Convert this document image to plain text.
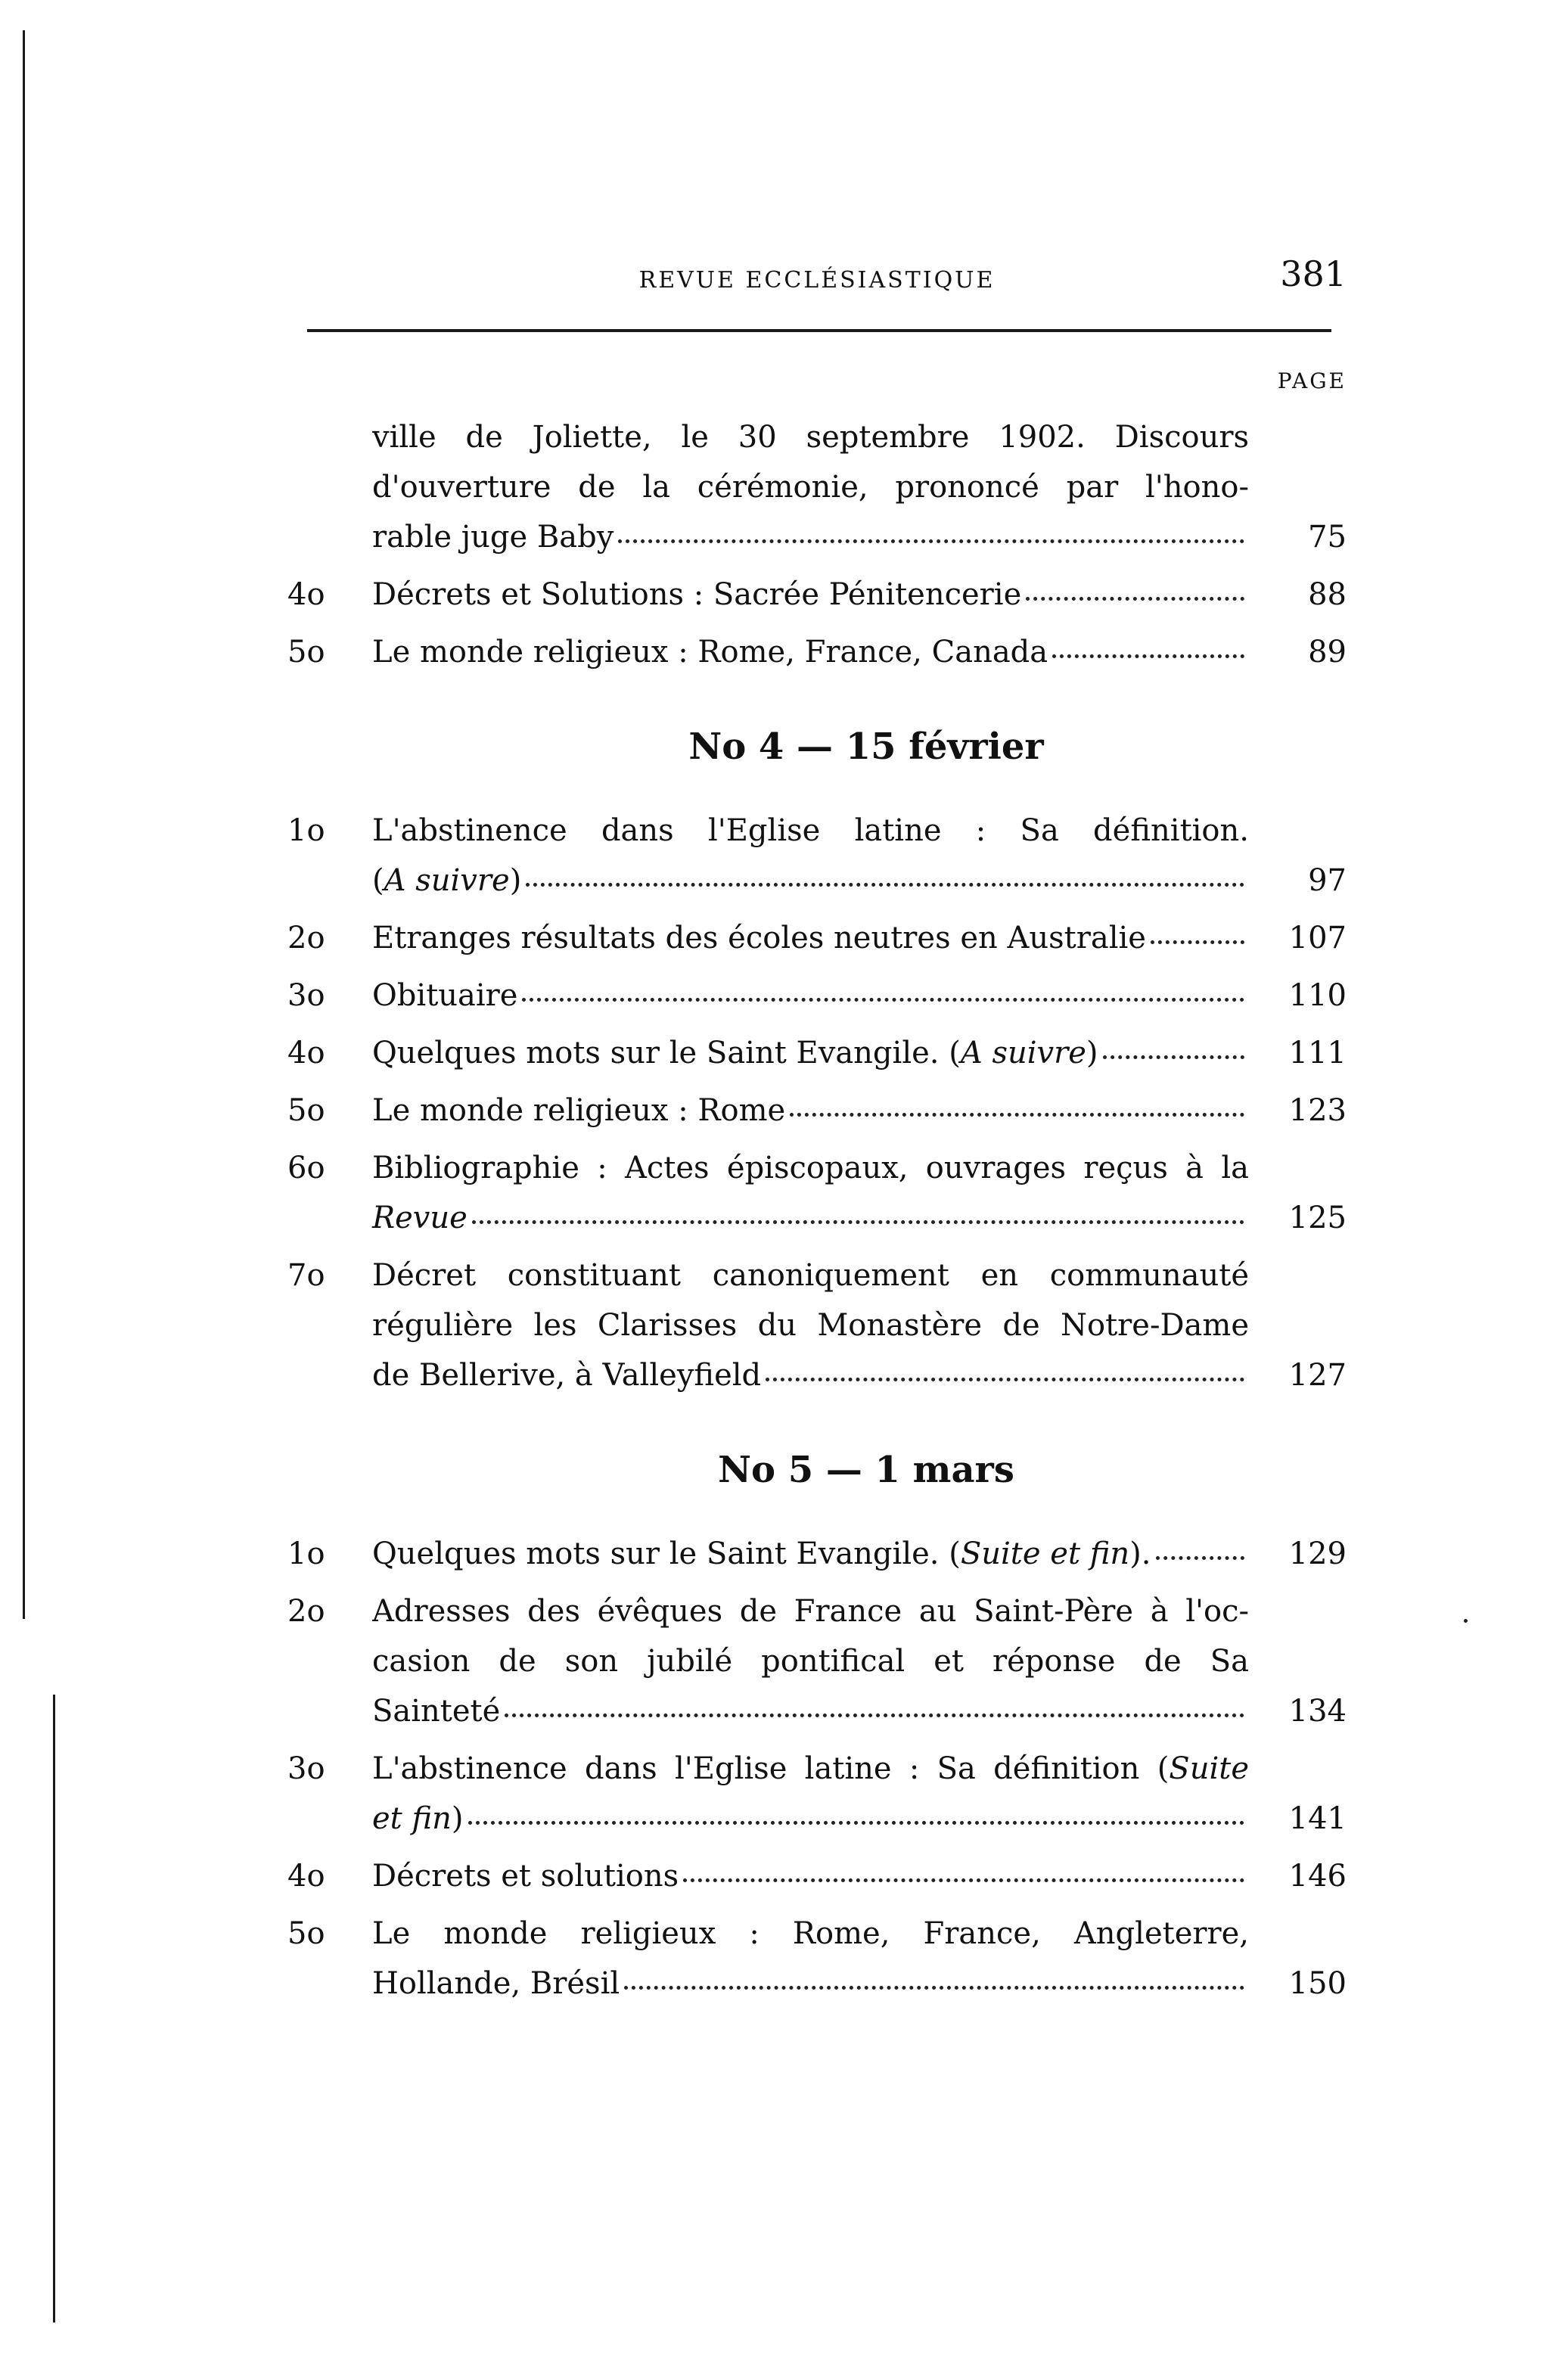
REVUE ECCLÉSIASTIQUE	381
PAGE
ville de Joliette, le 30 septembre 1902. Discours
d'ouverture de la cérémonie, prononcé par l'hono-
rable juge Baby	75
4o	Décrets et Solutions : Sacrée Pénitencerie	88
5o	Le monde religieux : Rome, France, Canada	89
No 4 — 15 février
1o	L'abstinence dans l'Eglise latine : Sa définition.
(A suivre)	97
2o	Etranges résultats des écoles neutres en Australie	107
3o	Obituaire	110
4o	Quelques mots sur le Saint Evangile. (A suivre)	111
5o	Le monde religieux : Rome	123
6o	Bibliographie : Actes épiscopaux, ouvrages reçus à la
Revue	125
7o	Décret constituant canoniquement en communauté
régulière les Clarisses du Monastère de Notre-Dame
de Bellerive, à Valleyfield	127
No 5 — 1 mars
1o	Quelques mots sur le Saint Evangile. (Suite et fin).	129
2o	Adresses des évêques de France au Saint-Père à l'oc-
casion de son jubilé pontifical et réponse de Sa
Sainteté	134
3o	L'abstinence dans l'Eglise latine : Sa définition (Suite
et fin)	141
4o	Décrets et solutions	146
5o	Le monde religieux : Rome, France, Angleterre,
Hollande, Brésil	150
